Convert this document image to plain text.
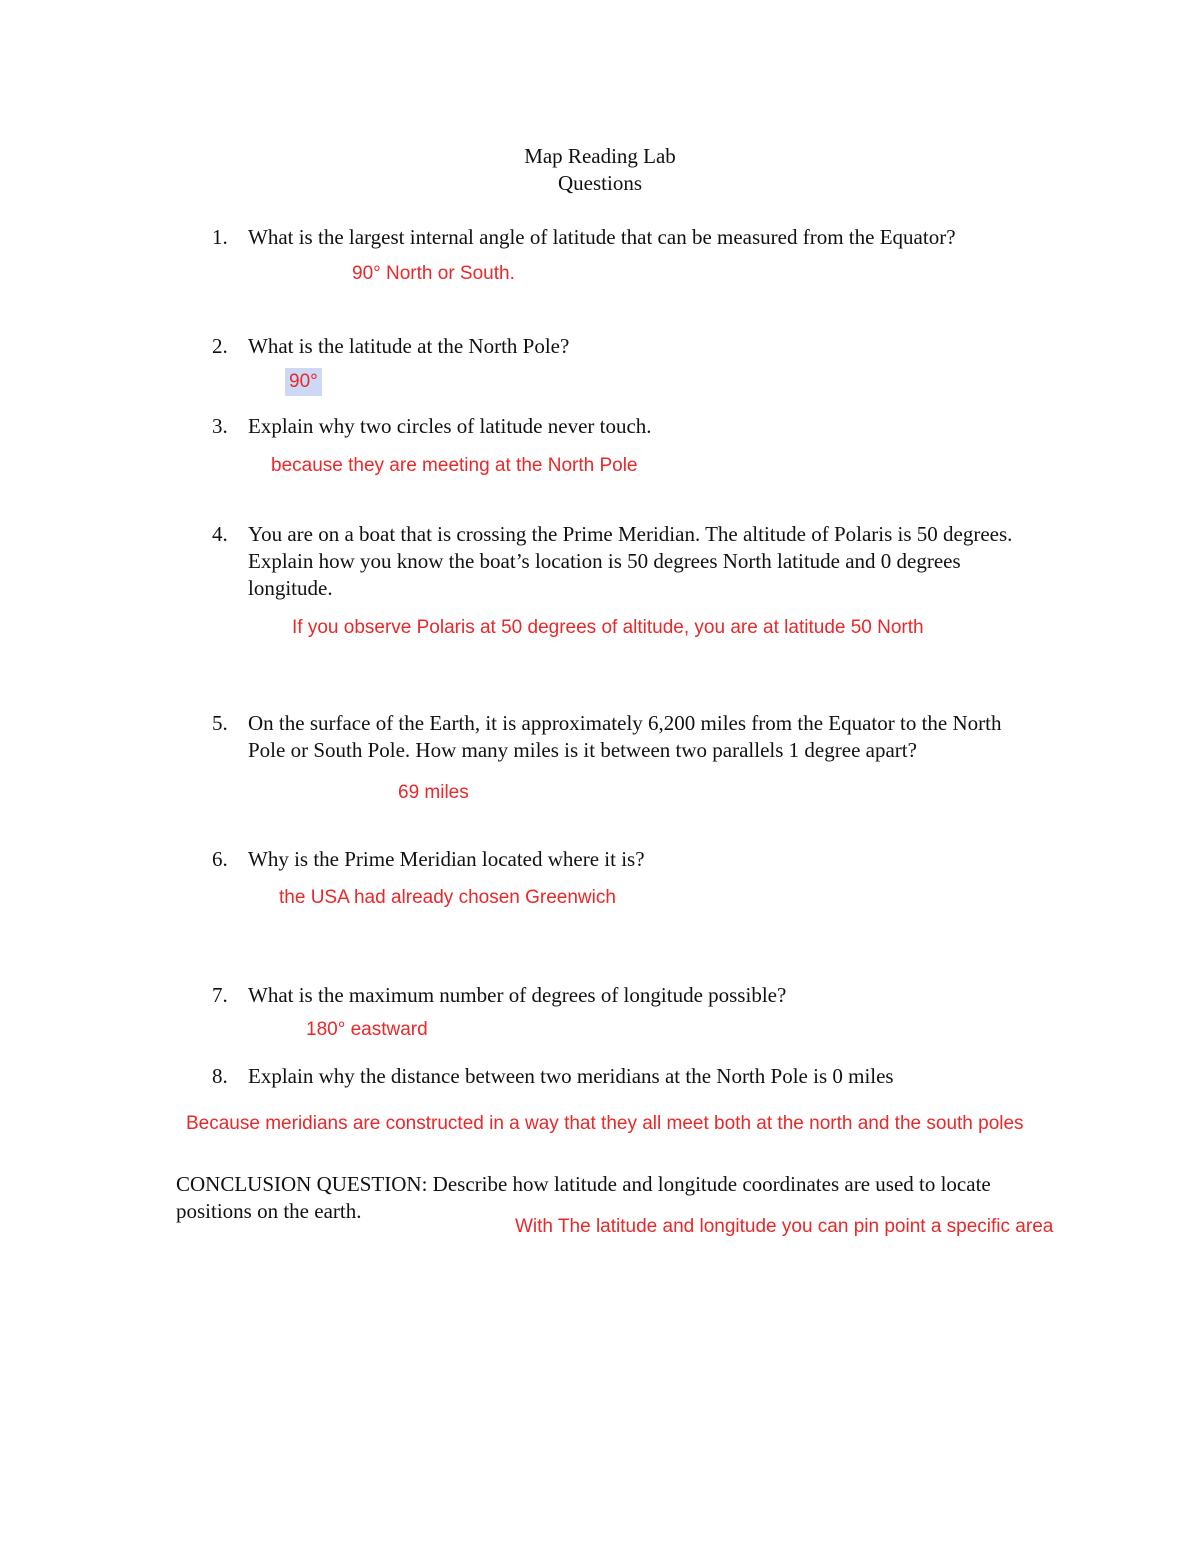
Map Reading Lab
Questions
1. What is the largest internal angle of latitude that can be measured from the Equator?
90° North or South.
2. What is the latitude at the North Pole?
90°
3. Explain why two circles of latitude never touch.
because they are meeting at the North Pole
4. You are on a boat that is crossing the Prime Meridian. The altitude of Polaris is 50 degrees. Explain how you know the boat’s location is 50 degrees North latitude and 0 degrees longitude.
If you observe Polaris at 50 degrees of altitude, you are at latitude 50 North
5. On the surface of the Earth, it is approximately 6,200 miles from the Equator to the North Pole or South Pole. How many miles is it between two parallels 1 degree apart?
69 miles
6. Why is the Prime Meridian located where it is?
the USA had already chosen Greenwich
7. What is the maximum number of degrees of longitude possible?
180° eastward
8. Explain why the distance between two meridians at the North Pole is 0 miles
Because meridians are constructed in a way that they all meet both at the north and the south poles
CONCLUSION QUESTION: Describe how latitude and longitude coordinates are used to locate positions on the earth.
With The latitude and longitude you can pin point a specific area
